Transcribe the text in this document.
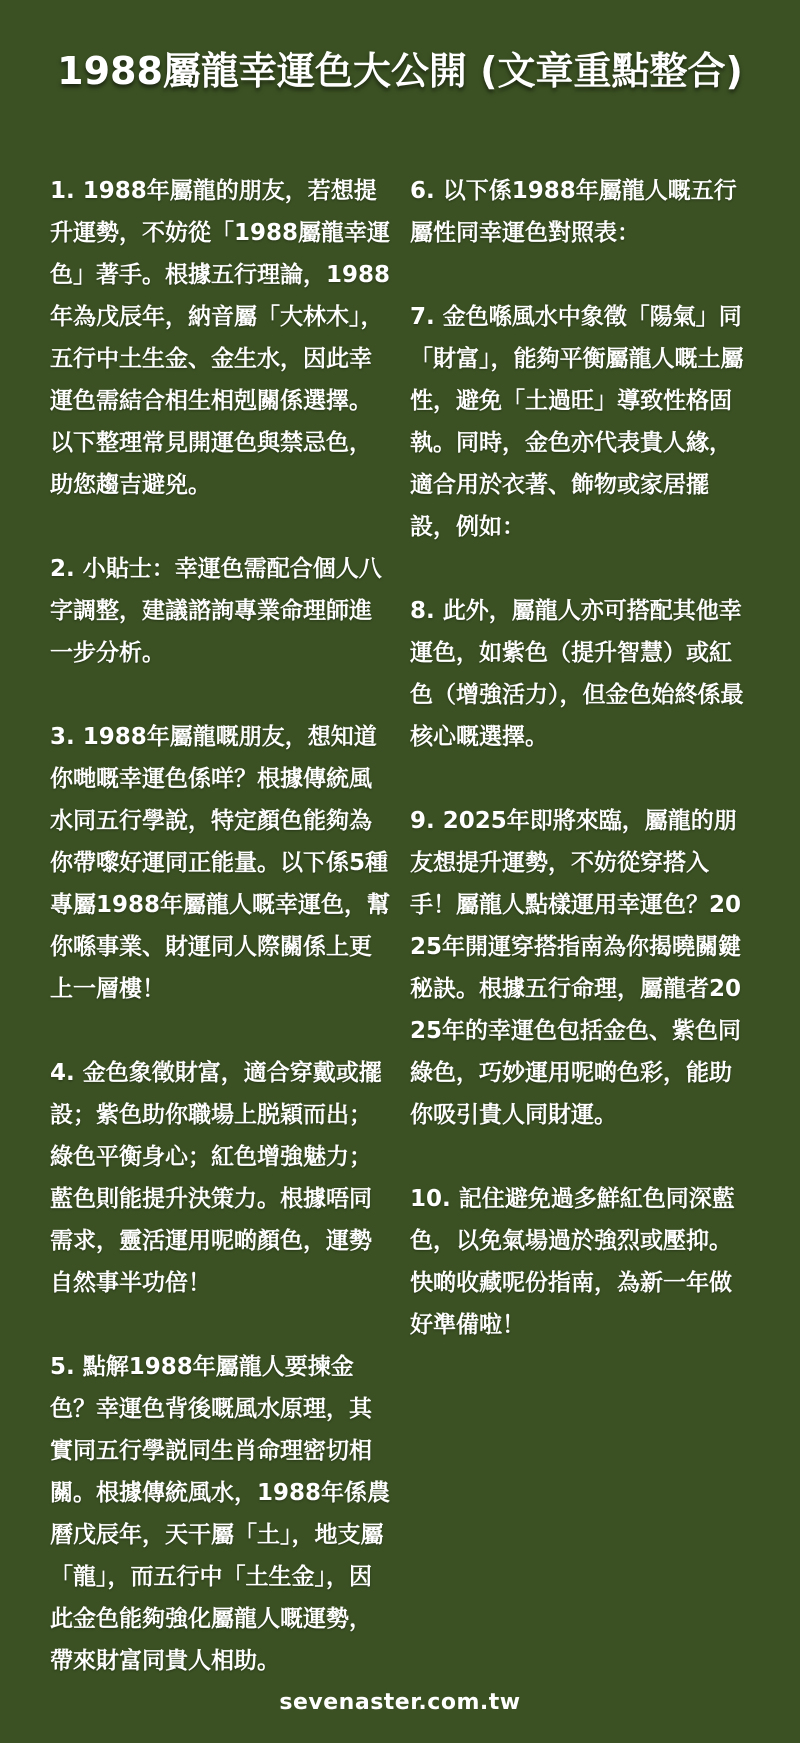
1988屬龍幸運色大公開 (文章重點整合)

1. 1988年屬龍的朋友，若想提升運勢，不妨從「1988屬龍幸運色」著手。根據五行理論，1988年為戊辰年，納音屬「大林木」，五行中土生金、金生水，因此幸運色需結合相生相剋關係選擇。以下整理常見開運色與禁忌色，助您趨吉避兇。

2. 小貼士：幸運色需配合個人八字調整，建議諮詢專業命理師進一步分析。

3. 1988年屬龍嘅朋友，想知道你哋嘅幸運色係咩？根據傳統風水同五行學說，特定顏色能夠為你帶嚟好運同正能量。以下係5種專屬1988年屬龍人嘅幸運色，幫你喺事業、財運同人際關係上更上一層樓！

4. 金色象徵財富，適合穿戴或擺設；紫色助你職場上脱穎而出；綠色平衡身心；紅色增強魅力；藍色則能提升決策力。根據唔同需求，靈活運用呢啲顏色，運勢自然事半功倍！

5. 點解1988年屬龍人要揀金色？幸運色背後嘅風水原理，其實同五行學説同生肖命理密切相關。根據傳統風水，1988年係農曆戊辰年，天干屬「土」，地支屬「龍」，而五行中「土生金」，因此金色能夠強化屬龍人嘅運勢，帶來財富同貴人相助。

6. 以下係1988年屬龍人嘅五行屬性同幸運色對照表：

7. 金色喺風水中象徵「陽氣」同「財富」，能夠平衡屬龍人嘅土屬性，避免「土過旺」導致性格固執。同時，金色亦代表貴人緣，適合用於衣著、飾物或家居擺設，例如：

8. 此外，屬龍人亦可搭配其他幸運色，如紫色（提升智慧）或紅色（增強活力），但金色始終係最核心嘅選擇。

9. 2025年即將來臨，屬龍的朋友想提升運勢，不妨從穿搭入手！屬龍人點樣運用幸運色？2025年開運穿搭指南為你揭曉關鍵秘訣。根據五行命理，屬龍者2025年的幸運色包括金色、紫色同綠色，巧妙運用呢啲色彩，能助你吸引貴人同財運。

10. 記住避免過多鮮紅色同深藍色，以免氣場過於強烈或壓抑。快啲收藏呢份指南，為新一年做好準備啦！

sevenaster.com.tw
